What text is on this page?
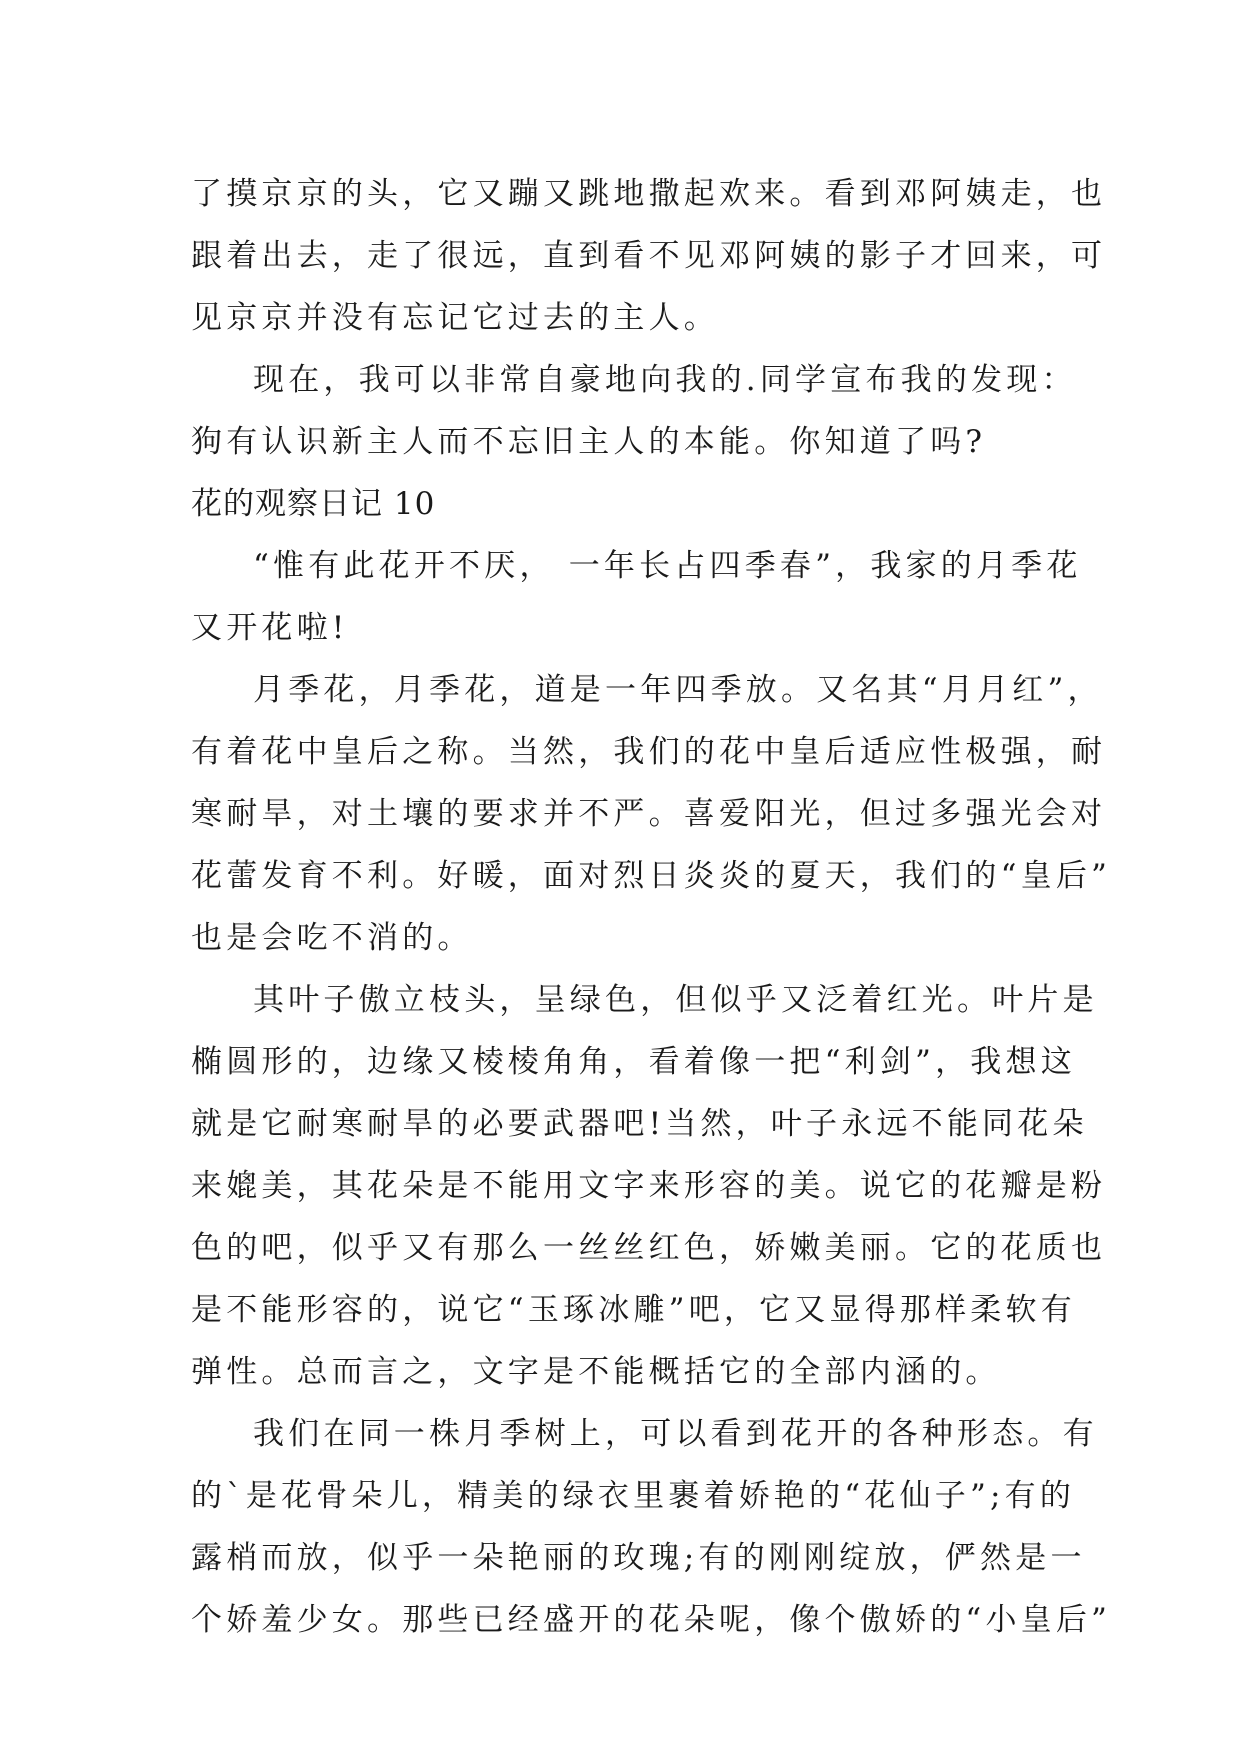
了摸京京的头，它又蹦又跳地撒起欢来。看到邓阿姨走，也
跟着出去，走了很远，直到看不见邓阿姨的影子才回来，可
见京京并没有忘记它过去的主人。
现在，我可以非常自豪地向我的.同学宣布我的发现：
狗有认识新主人而不忘旧主人的本能。你知道了吗?
花的观察日记 10
“惟有此花开不厌， 一年长占四季春”，我家的月季花
又开花啦!
月季花，月季花，道是一年四季放。又名其“月月红”，
有着花中皇后之称。当然，我们的花中皇后适应性极强，耐
寒耐旱，对土壤的要求并不严。喜爱阳光，但过多强光会对
花蕾发育不利。好暖，面对烈日炎炎的夏天，我们的“皇后”
也是会吃不消的。
其叶子傲立枝头，呈绿色，但似乎又泛着红光。叶片是
椭圆形的，边缘又棱棱角角，看着像一把“利剑”，我想这
就是它耐寒耐旱的必要武器吧!当然，叶子永远不能同花朵
来媲美，其花朵是不能用文字来形容的美。说它的花瓣是粉
色的吧，似乎又有那么一丝丝红色，娇嫩美丽。它的花质也
是不能形容的，说它“玉琢冰雕”吧，它又显得那样柔软有
弹性。总而言之，文字是不能概括它的全部内涵的。
我们在同一株月季树上，可以看到花开的各种形态。有
的`是花骨朵儿，精美的绿衣里裹着娇艳的“花仙子”;有的
露梢而放，似乎一朵艳丽的玫瑰;有的刚刚绽放，俨然是一
个娇羞少女。那些已经盛开的花朵呢，像个傲娇的“小皇后”
